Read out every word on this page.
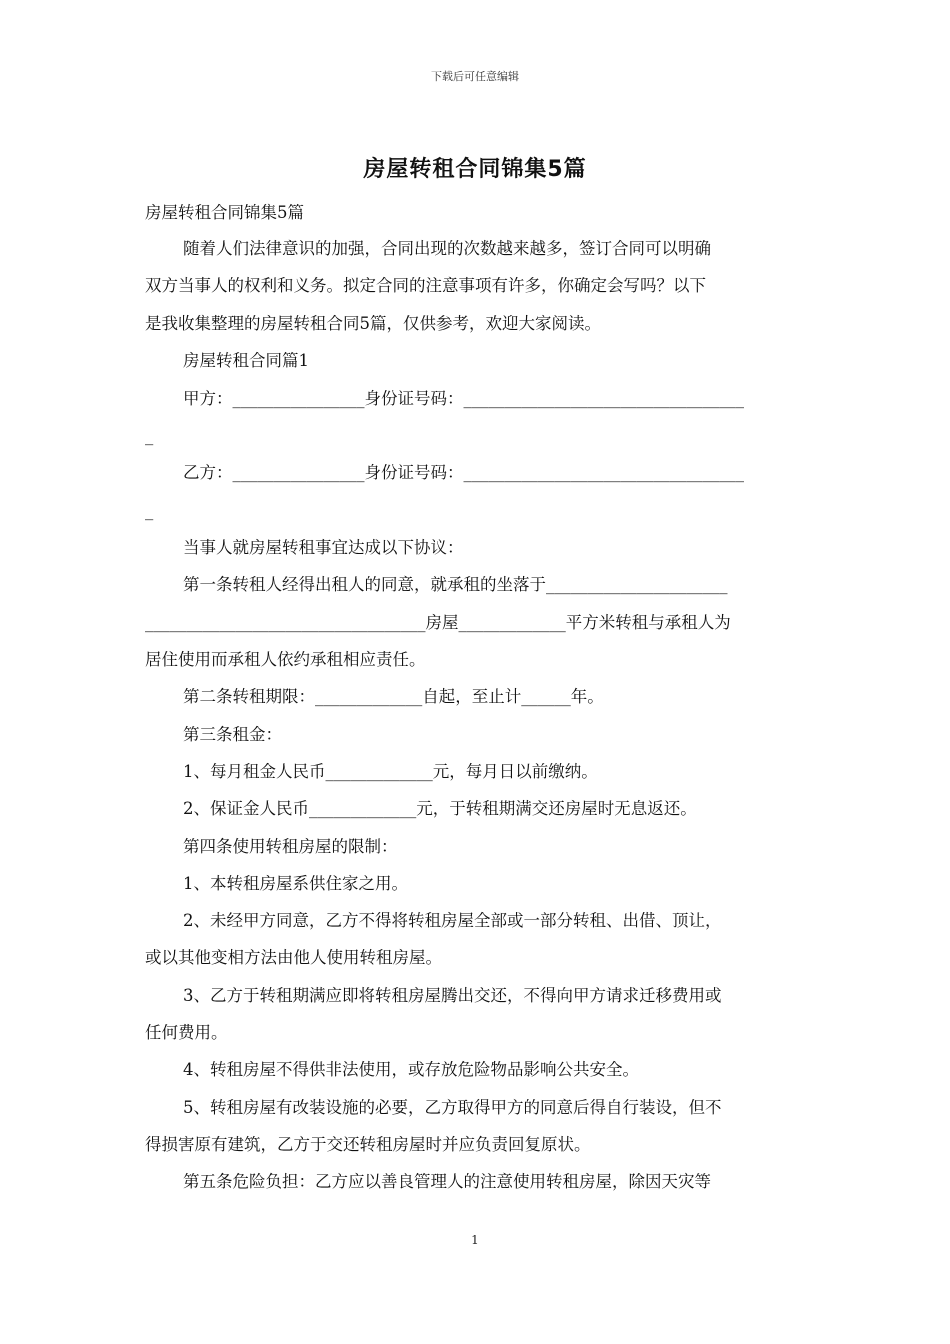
下载后可任意编辑
房屋转租合同锦集5篇
房屋转租合同锦集5篇
随着人们法律意识的加强，合同出现的次数越来越多，签订合同可以明确
双方当事人的权利和义务。拟定合同的注意事项有许多，你确定会写吗？以下
是我收集整理的房屋转租合同5篇，仅供参考，欢迎大家阅读。
房屋转租合同篇1
甲方：________________身份证号码：__________________________________
_
乙方：________________身份证号码：__________________________________
_
当事人就房屋转租事宜达成以下协议：
第一条转租人经得出租人的同意，就承租的坐落于______________________
__________________________________房屋_____________平方米转租与承租人为
居住使用而承租人依约承租相应责任。
第二条转租期限：_____________自起，至止计______年。
第三条租金：
1、每月租金人民币_____________元，每月日以前缴纳。
2、保证金人民币_____________元，于转租期满交还房屋时无息返还。
第四条使用转租房屋的限制：
1、本转租房屋系供住家之用。
2、未经甲方同意，乙方不得将转租房屋全部或一部分转租、出借、顶让，
或以其他变相方法由他人使用转租房屋。
3、乙方于转租期满应即将转租房屋腾出交还，不得向甲方请求迁移费用或
任何费用。
4、转租房屋不得供非法使用，或存放危险物品影响公共安全。
5、转租房屋有改装设施的必要，乙方取得甲方的同意后得自行装设，但不
得损害原有建筑，乙方于交还转租房屋时并应负责回复原状。
第五条危险负担：乙方应以善良管理人的注意使用转租房屋，除因天灾等
1
